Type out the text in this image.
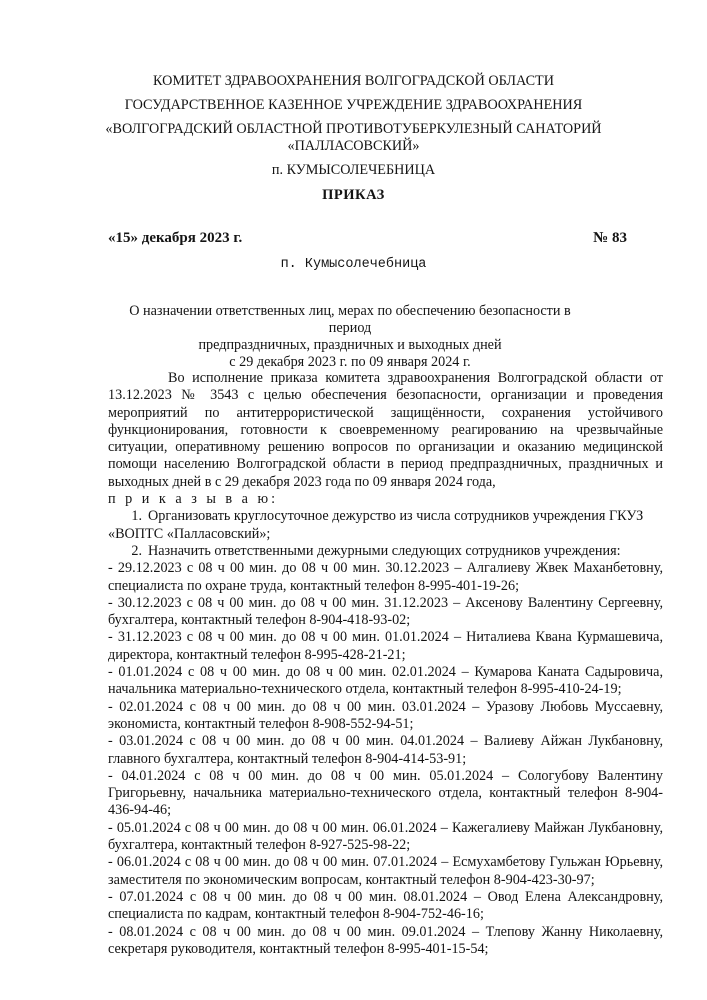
КОМИТЕТ ЗДРАВООХРАНЕНИЯ ВОЛГОГРАДСКОЙ ОБЛАСТИ
ГОСУДАРСТВЕННОЕ КАЗЕННОЕ УЧРЕЖДЕНИЕ ЗДРАВООХРАНЕНИЯ
«ВОЛГОГРАДСКИЙ ОБЛАСТНОЙ ПРОТИВОТУБЕРКУЛЕЗНЫЙ САНАТОРИЙ
«ПАЛЛАСОВСКИЙ»
п. КУМЫСОЛЕЧЕБНИЦА
ПРИКАЗ
«15» декабря 2023 г.	№ 83
п. Кумысолечебница
О назначении ответственных лиц, мерах по обеспечению безопасности в период
предпраздничных, праздничных и выходных дней
с 29 декабря 2023 г. по 09 января 2024 г.

Во исполнение приказа комитета здравоохранения Волгоградской области от 13.12.2023 № 3543 с целью обеспечения безопасности, организации и проведения мероприятий по антитеррористической защищённости, сохранения устойчивого функционирования, готовности к своевременному реагированию на чрезвычайные ситуации, оперативному решению вопросов по организации и оказанию медицинской помощи населению Волгоградской области в период предпраздничных, праздничных и выходных дней в с 29 декабря 2023 года по 09 января 2024 года,

п р и к а з ы в а ю:

1. Организовать круглосуточное дежурство из числа сотрудников учреждения ГКУЗ
«ВОПТС «Палласовский»;
2. Назначить ответственными дежурными следующих сотрудников учреждения:

- 29.12.2023 с 08 ч 00 мин. до 08 ч 00 мин. 30.12.2023 – Алгалиеву Жвек Маханбетовну, специалиста по охране труда, контактный телефон 8-995-401-19-26;

- 30.12.2023 с 08 ч 00 мин. до 08 ч 00 мин. 31.12.2023 – Аксенову Валентину Сергеевну, бухгалтера, контактный телефон 8-904-418-93-02;

- 31.12.2023 с 08 ч 00 мин. до 08 ч 00 мин. 01.01.2024 – Ниталиева Квана Курмашевича, директора, контактный телефон 8-995-428-21-21;

- 01.01.2024 с 08 ч 00 мин. до 08 ч 00 мин. 02.01.2024 – Кумарова Каната Садыровича, начальника материально-технического отдела, контактный телефон 8-995-410-24-19;

- 02.01.2024 с 08 ч 00 мин. до 08 ч 00 мин. 03.01.2024 – Уразову Любовь Муссаевну, экономиста, контактный телефон 8-908-552-94-51;

- 03.01.2024 с 08 ч 00 мин. до 08 ч 00 мин. 04.01.2024 – Валиеву Айжан Лукбановну, главного бухгалтера, контактный телефон 8-904-414-53-91;

- 04.01.2024 с 08 ч 00 мин. до 08 ч 00 мин. 05.01.2024 – Сологубову Валентину Григорьевну, начальника материально-технического отдела, контактный телефон 8-904-436-94-46;

- 05.01.2024 с 08 ч 00 мин. до 08 ч 00 мин. 06.01.2024 – Кажегалиеву Майжан Лукбановну, бухгалтера, контактный телефон 8-927-525-98-22;

- 06.01.2024 с 08 ч 00 мин. до 08 ч 00 мин. 07.01.2024 – Есмухамбетову Гульжан Юрьевну, заместителя по экономическим вопросам, контактный телефон 8-904-423-30-97;

- 07.01.2024 с 08 ч 00 мин. до 08 ч 00 мин. 08.01.2024 – Овод Елена Александровну, специалиста по кадрам, контактный телефон 8-904-752-46-16;

- 08.01.2024 с 08 ч 00 мин. до 08 ч 00 мин. 09.01.2024 – Тлепову Жанну Николаевну, секретаря руководителя, контактный телефон 8-995-401-15-54;
